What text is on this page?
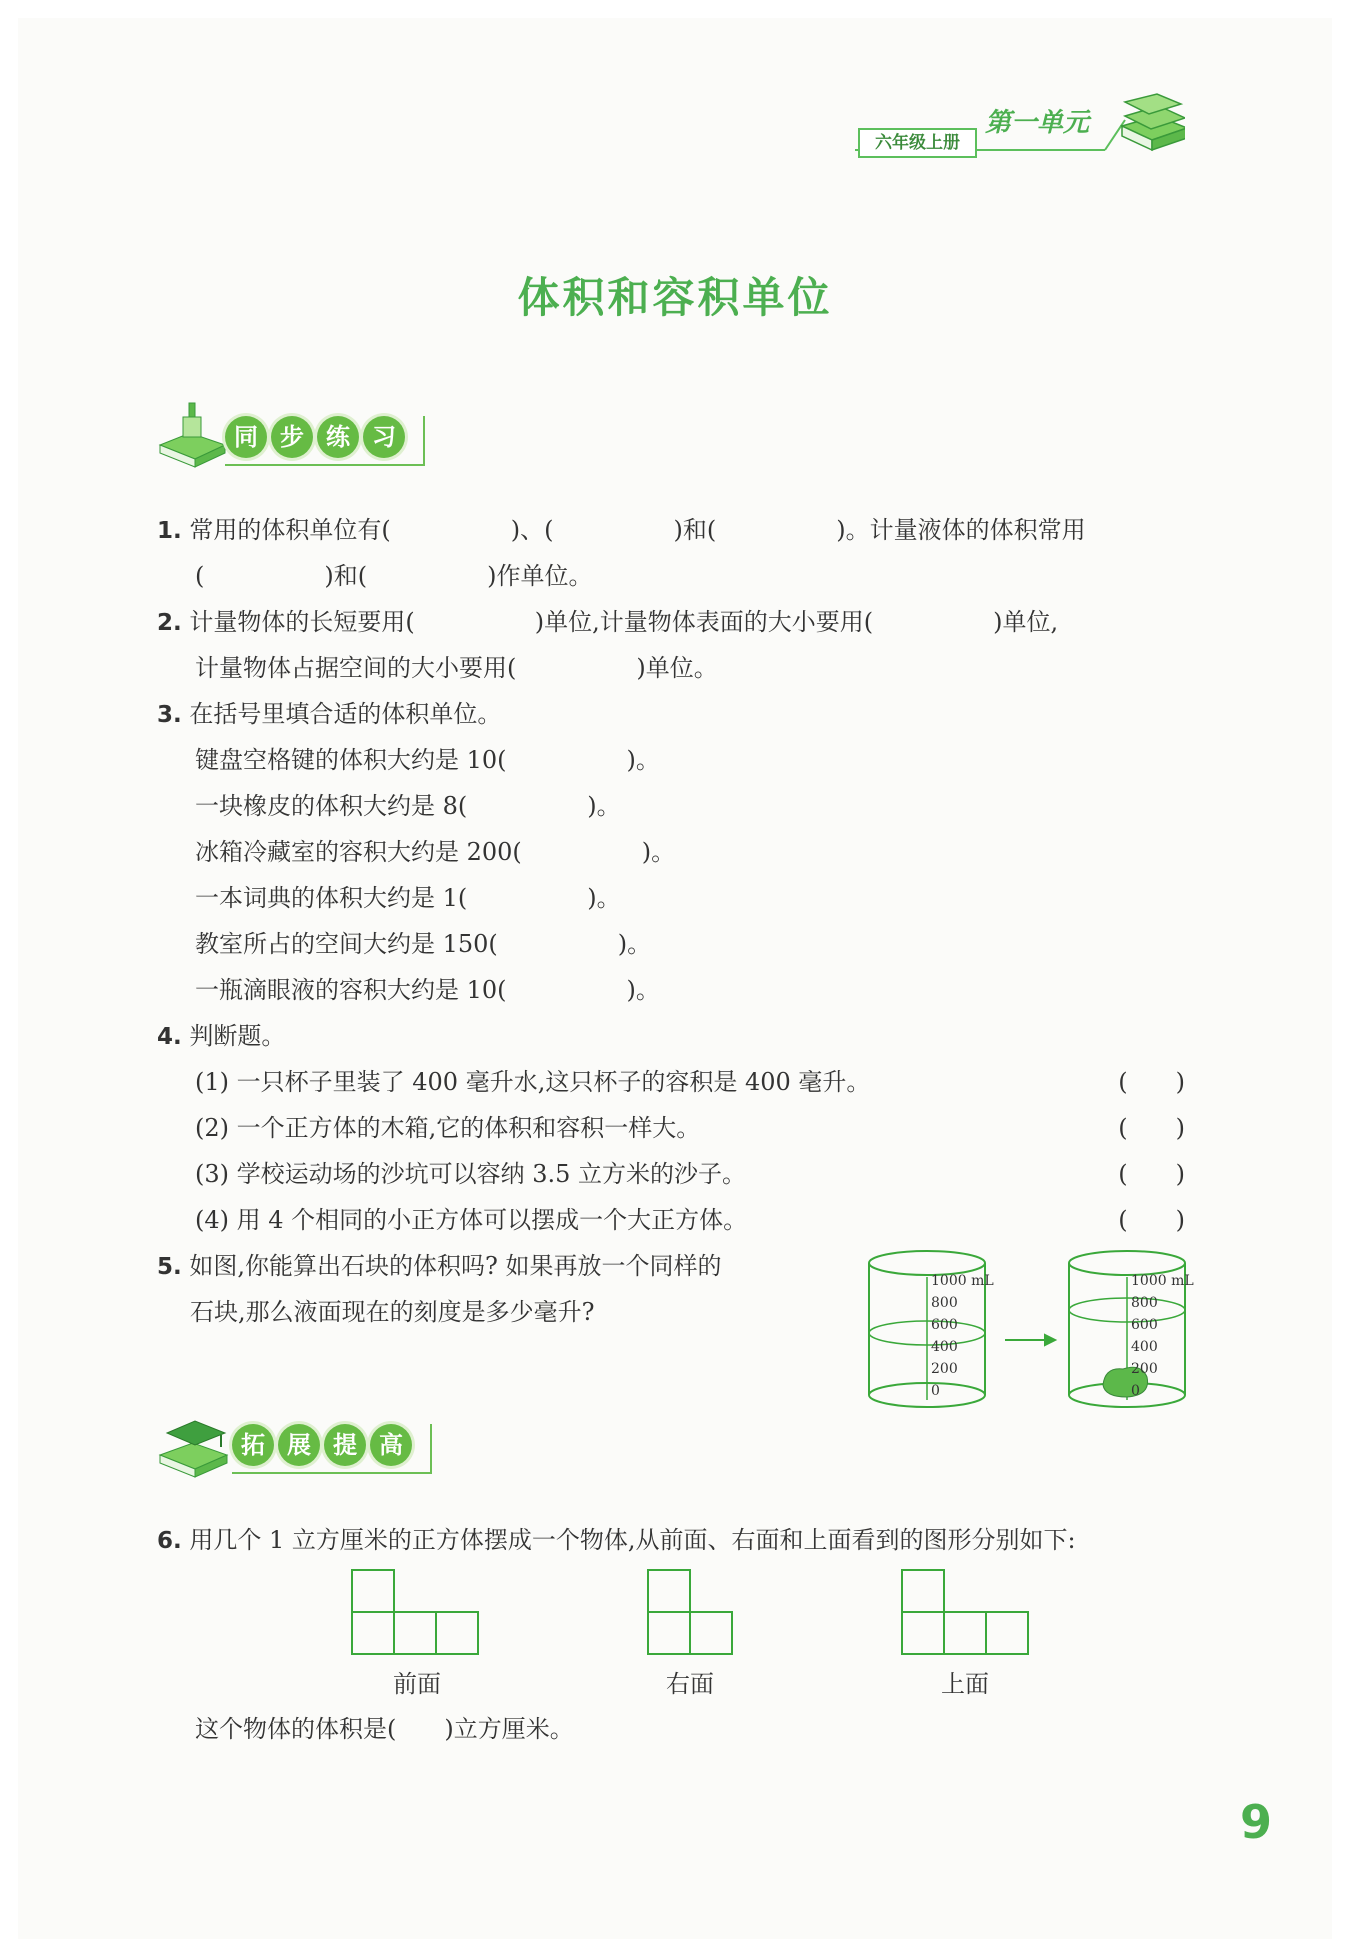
六年级上册
第一单元
体积和容积单位
同 步 练 习
1. 常用的体积单位有(　　　　　)、(　　　　　)和(　　　　　)。计量液体的体积常用
(　　　　　)和(　　　　　)作单位。
2. 计量物体的长短要用(　　　　　)单位,计量物体表面的大小要用(　　　　　)单位,
计量物体占据空间的大小要用(　　　　　)单位。
3. 在括号里填合适的体积单位。
键盘空格键的体积大约是 10(　　　　　)。
一块橡皮的体积大约是 8(　　　　　)。
冰箱冷藏室的容积大约是 200(　　　　　)。
一本词典的体积大约是 1(　　　　　)。
教室所占的空间大约是 150(　　　　　)。
一瓶滴眼液的容积大约是 10(　　　　　)。
4. 判断题。
(1) 一只杯子里装了 400 毫升水,这只杯子的容积是 400 毫升。	(　　)
(2) 一个正方体的木箱,它的体积和容积一样大。	(　　)
(3) 学校运动场的沙坑可以容纳 3.5 立方米的沙子。	(　　)
(4) 用 4 个相同的小正方体可以摆成一个大正方体。	(　　)
5. 如图,你能算出石块的体积吗? 如果再放一个同样的
石块,那么液面现在的刻度是多少毫升?
1000 mL
800
600
400
200
0
1000 mL
800
600
400
200
0
拓 展 提 高
6. 用几个 1 立方厘米的正方体摆成一个物体,从前面、右面和上面看到的图形分别如下:
前面	右面	上面
这个物体的体积是(　　)立方厘米。
9
